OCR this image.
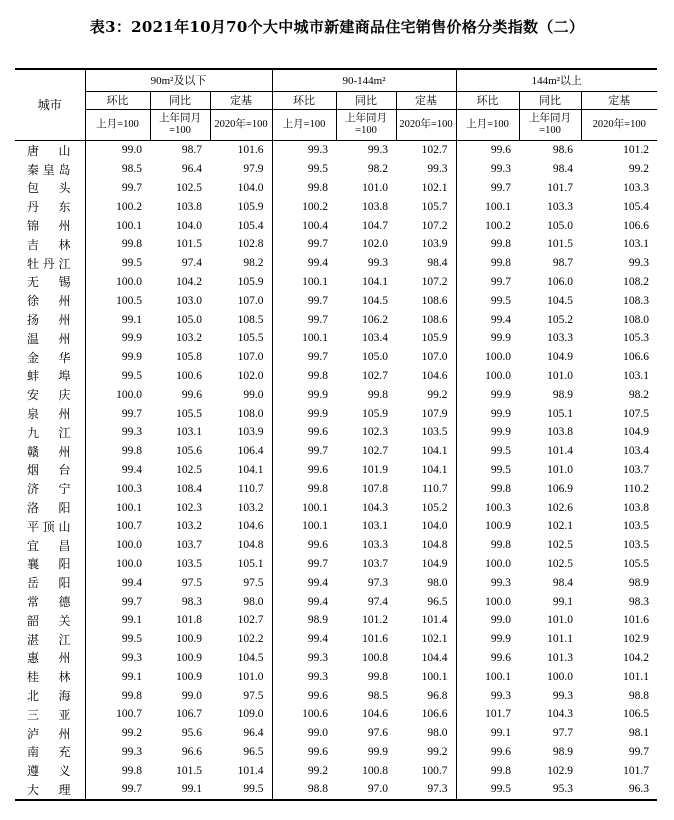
表3：2021年10月70个大中城市新建商品住宅销售价格分类指数（二）
城市	90m²及以下			90-144m²			144m²以上		
	环比	同比	定基	环比	同比	定基	环比	同比	定基
	上月=100	上年同月=100	2020年=100	上月=100	上年同月=100	2020年=100	上月=100	上年同月=100	2020年=100
唐山	99.0	98.7	101.6	99.3	99.3	102.7	99.6	98.6	101.2
秦皇岛	98.5	96.4	97.9	99.5	98.2	99.3	99.3	98.4	99.2
包头	99.7	102.5	104.0	99.8	101.0	102.1	99.7	101.7	103.3
丹东	100.2	103.8	105.9	100.2	103.8	105.7	100.1	103.3	105.4
锦州	100.1	104.0	105.4	100.4	104.7	107.2	100.2	105.0	106.6
吉林	99.8	101.5	102.8	99.7	102.0	103.9	99.8	101.5	103.1
牡丹江	99.5	97.4	98.2	99.4	99.3	98.4	99.8	98.7	99.3
无锡	100.0	104.2	105.9	100.1	104.1	107.2	99.7	106.0	108.2
徐州	100.5	103.0	107.0	99.7	104.5	108.6	99.5	104.5	108.3
扬州	99.1	105.0	108.5	99.7	106.2	108.6	99.4	105.2	108.0
温州	99.9	103.2	105.5	100.1	103.4	105.9	99.9	103.3	105.3
金华	99.9	105.8	107.0	99.7	105.0	107.0	100.0	104.9	106.6
蚌埠	99.5	100.6	102.0	99.8	102.7	104.6	100.0	101.0	103.1
安庆	100.0	99.6	99.0	99.9	99.8	99.2	99.9	98.9	98.2
泉州	99.7	105.5	108.0	99.9	105.9	107.9	99.9	105.1	107.5
九江	99.3	103.1	103.9	99.6	102.3	103.5	99.9	103.8	104.9
赣州	99.8	105.6	106.4	99.7	102.7	104.1	99.5	101.4	103.4
烟台	99.4	102.5	104.1	99.6	101.9	104.1	99.5	101.0	103.7
济宁	100.3	108.4	110.7	99.8	107.8	110.7	99.8	106.9	110.2
洛阳	100.1	102.3	103.2	100.1	104.3	105.2	100.3	102.6	103.8
平顶山	100.7	103.2	104.6	100.1	103.1	104.0	100.9	102.1	103.5
宜昌	100.0	103.7	104.8	99.6	103.3	104.8	99.8	102.5	103.5
襄阳	100.0	103.5	105.1	99.7	103.7	104.9	100.0	102.5	105.5
岳阳	99.4	97.5	97.5	99.4	97.3	98.0	99.3	98.4	98.9
常德	99.7	98.3	98.0	99.4	97.4	96.5	100.0	99.1	98.3
韶关	99.1	101.8	102.7	98.9	101.2	101.4	99.0	101.0	101.6
湛江	99.5	100.9	102.2	99.4	101.6	102.1	99.9	101.1	102.9
惠州	99.3	100.9	104.5	99.3	100.8	104.4	99.6	101.3	104.2
桂林	99.1	100.9	101.0	99.3	99.8	100.1	100.1	100.0	101.1
北海	99.8	99.0	97.5	99.6	98.5	96.8	99.3	99.3	98.8
三亚	100.7	106.7	109.0	100.6	104.6	106.6	101.7	104.3	106.5
泸州	99.2	95.6	96.4	99.0	97.6	98.0	99.1	97.7	98.1
南充	99.3	96.6	96.5	99.6	99.9	99.2	99.6	98.9	99.7
遵义	99.8	101.5	101.4	99.2	100.8	100.7	99.8	102.9	101.7
大理	99.7	99.1	99.5	98.8	97.0	97.3	99.5	95.3	96.3
